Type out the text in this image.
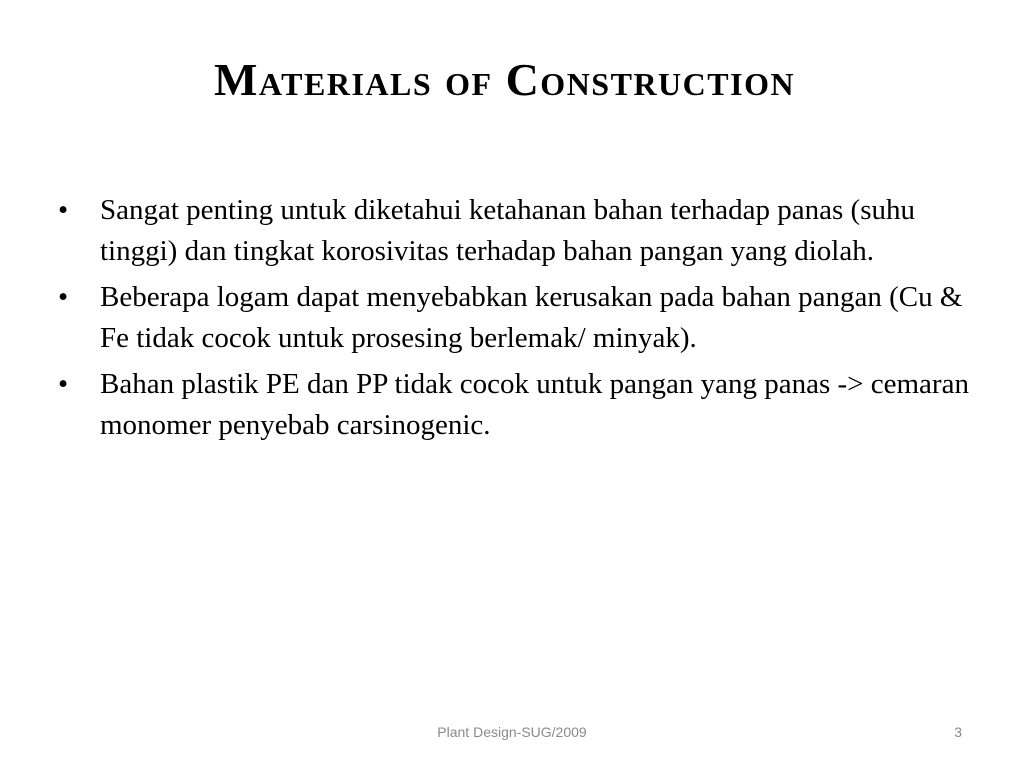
Materials of Construction
•	Sangat penting untuk diketahui ketahanan bahan terhadap panas (suhu tinggi) dan tingkat korosivitas terhadap bahan pangan yang diolah.
•	Beberapa logam dapat menyebabkan kerusakan pada bahan pangan (Cu & Fe tidak cocok untuk prosesing berlemak/ minyak).
•	Bahan plastik PE dan PP tidak cocok untuk pangan yang panas -> cemaran monomer penyebab carsinogenic.
Plant Design-SUG/2009	3
